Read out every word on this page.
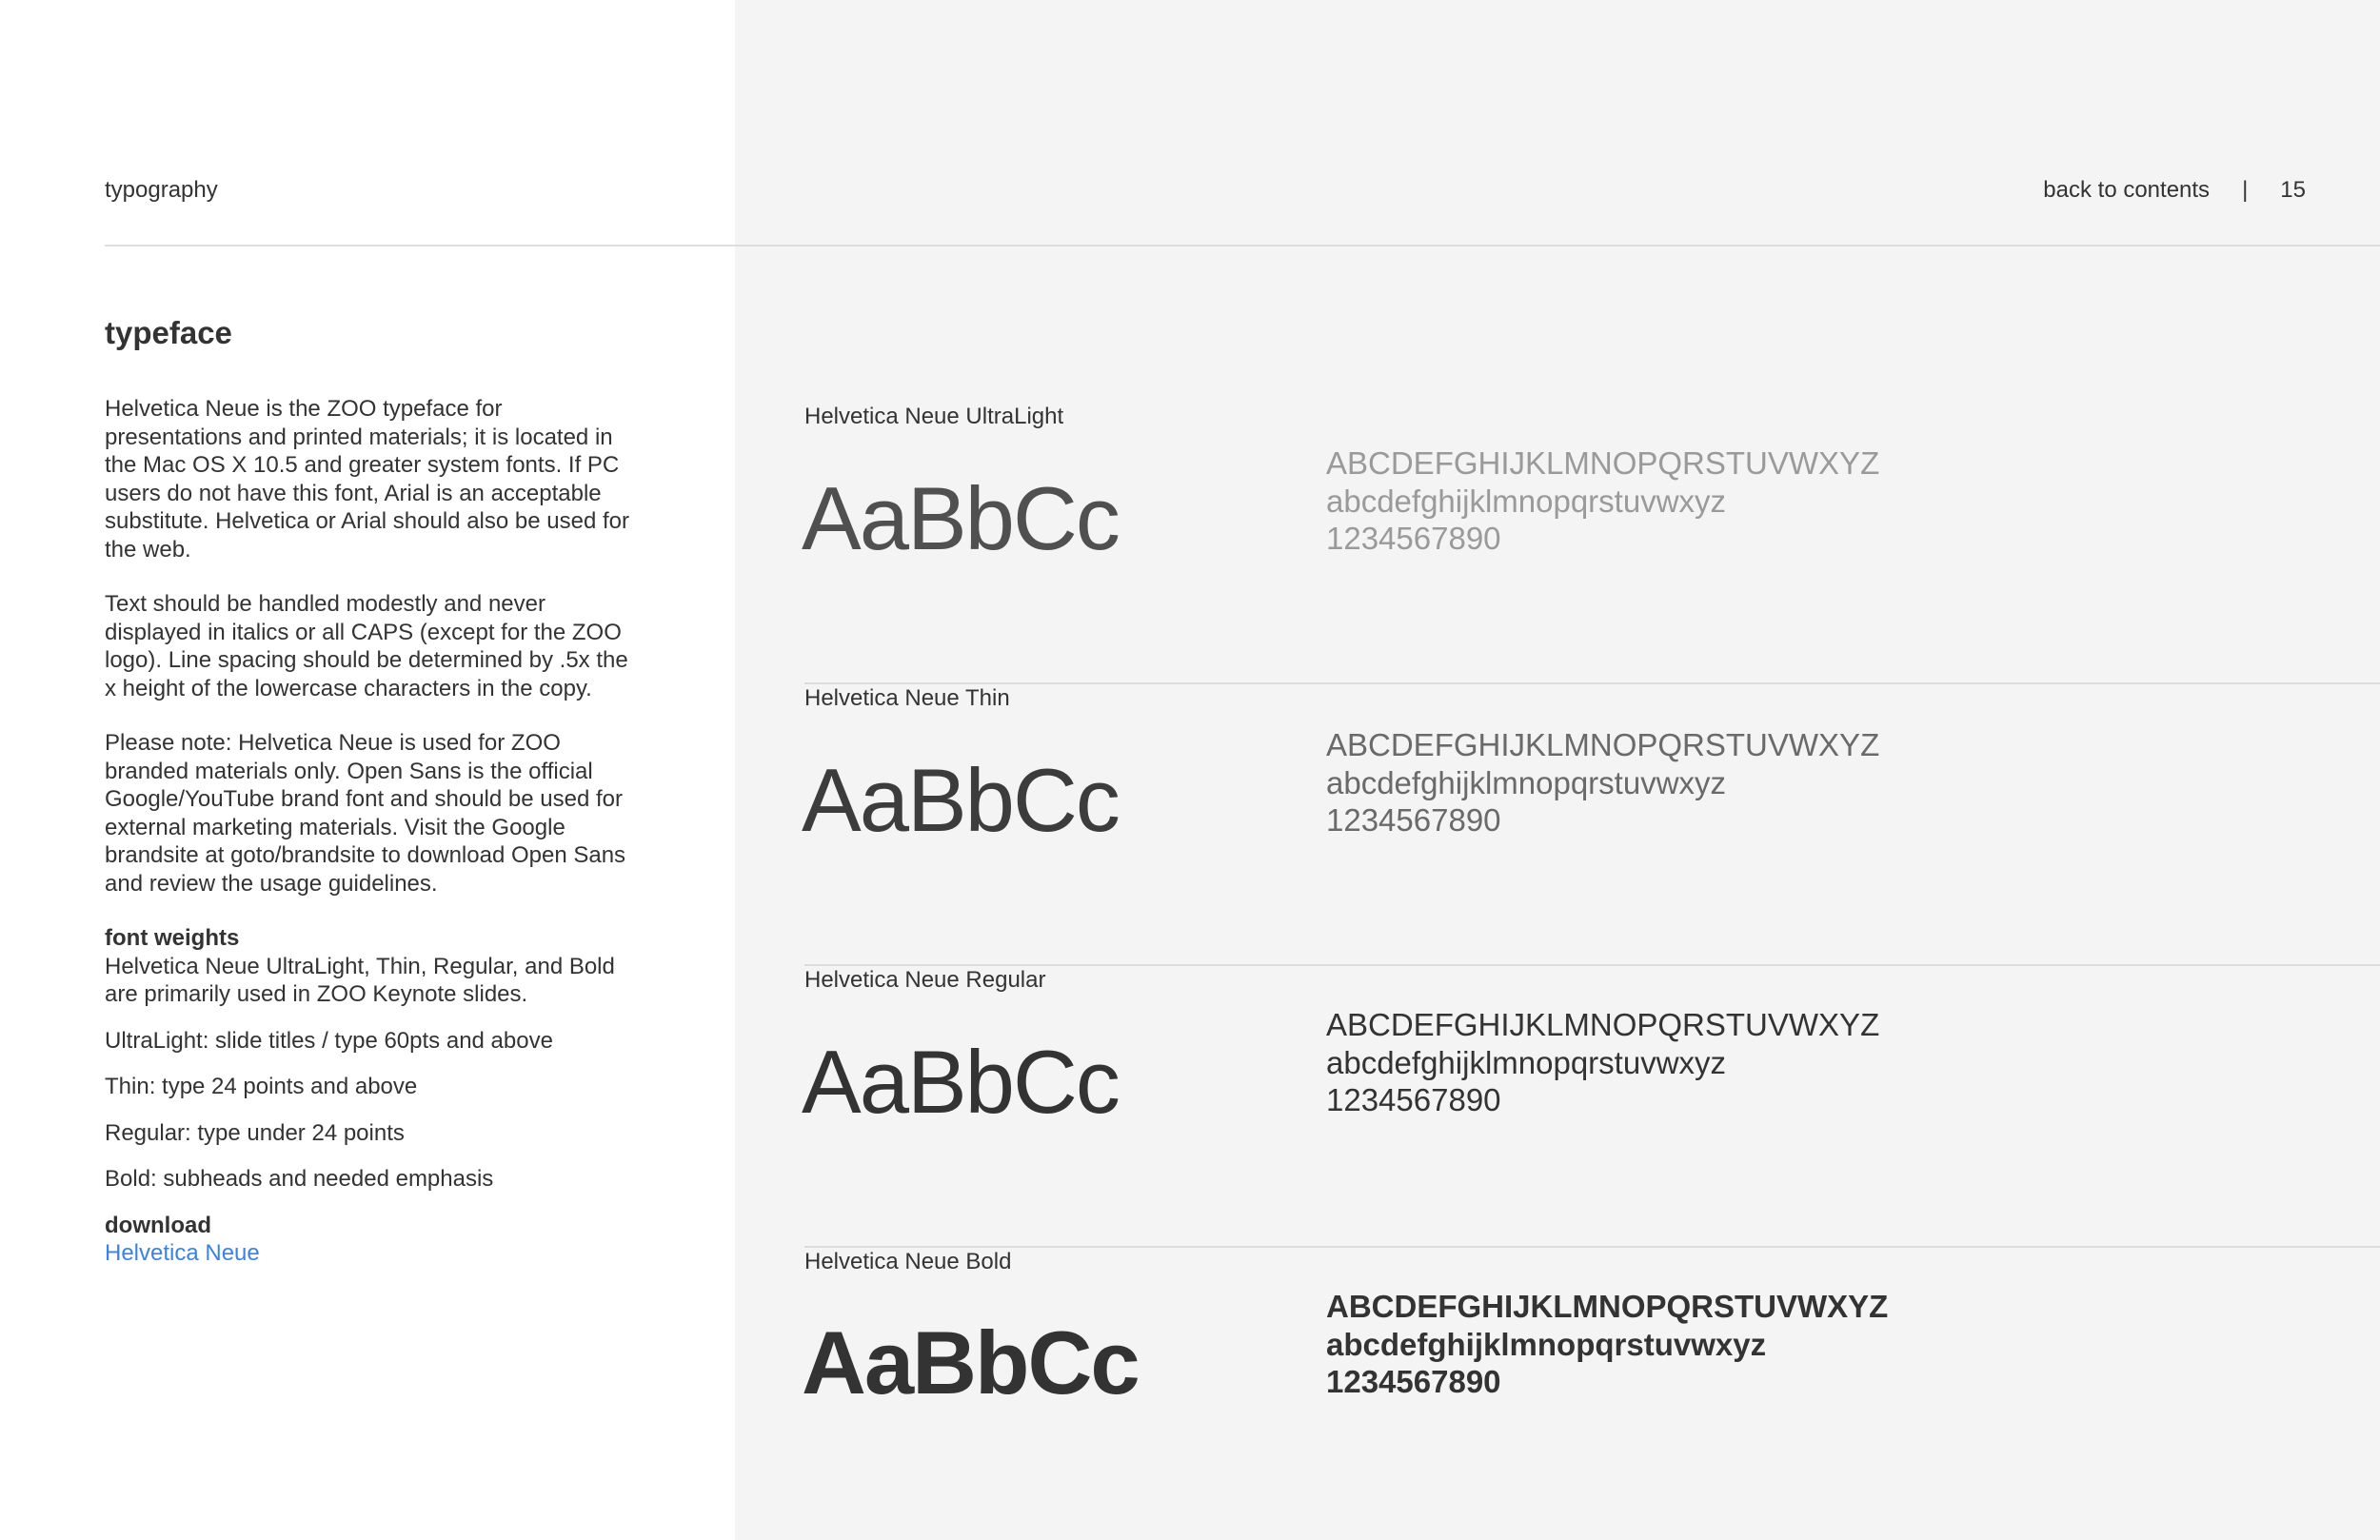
typography	back to contents | 15
typeface

Helvetica Neue is the ZOO typeface for presentations and printed materials; it is located in the Mac OS X 10.5 and greater system fonts. If PC users do not have this font, Arial is an acceptable substitute. Helvetica or Arial should also be used for the web.

Text should be handled modestly and never displayed in italics or all CAPS (except for the ZOO logo). Line spacing should be determined by .5x the x height of the lowercase characters in the copy.

Please note: Helvetica Neue is used for ZOO branded materials only. Open Sans is the official Google/YouTube brand font and should be used for external marketing materials. Visit the Google brandsite at goto/brandsite to download Open Sans and review the usage guidelines.

font weights
Helvetica Neue UltraLight, Thin, Regular, and Bold are primarily used in ZOO Keynote slides.

UltraLight: slide titles / type 60pts and above

Thin: type 24 points and above

Regular: type under 24 points

Bold: subheads and needed emphasis

download
Helvetica Neue

Helvetica Neue UltraLight
AaBbCc
ABCDEFGHIJKLMNOPQRSTUVWXYZ
abcdefghijklmnopqrstuvwxyz
1234567890
Helvetica Neue Thin
AaBbCc
ABCDEFGHIJKLMNOPQRSTUVWXYZ
abcdefghijklmnopqrstuvwxyz
1234567890
Helvetica Neue Regular
AaBbCc
ABCDEFGHIJKLMNOPQRSTUVWXYZ
abcdefghijklmnopqrstuvwxyz
1234567890
Helvetica Neue Bold
AaBbCc
ABCDEFGHIJKLMNOPQRSTUVWXYZ
abcdefghijklmnopqrstuvwxyz
1234567890
